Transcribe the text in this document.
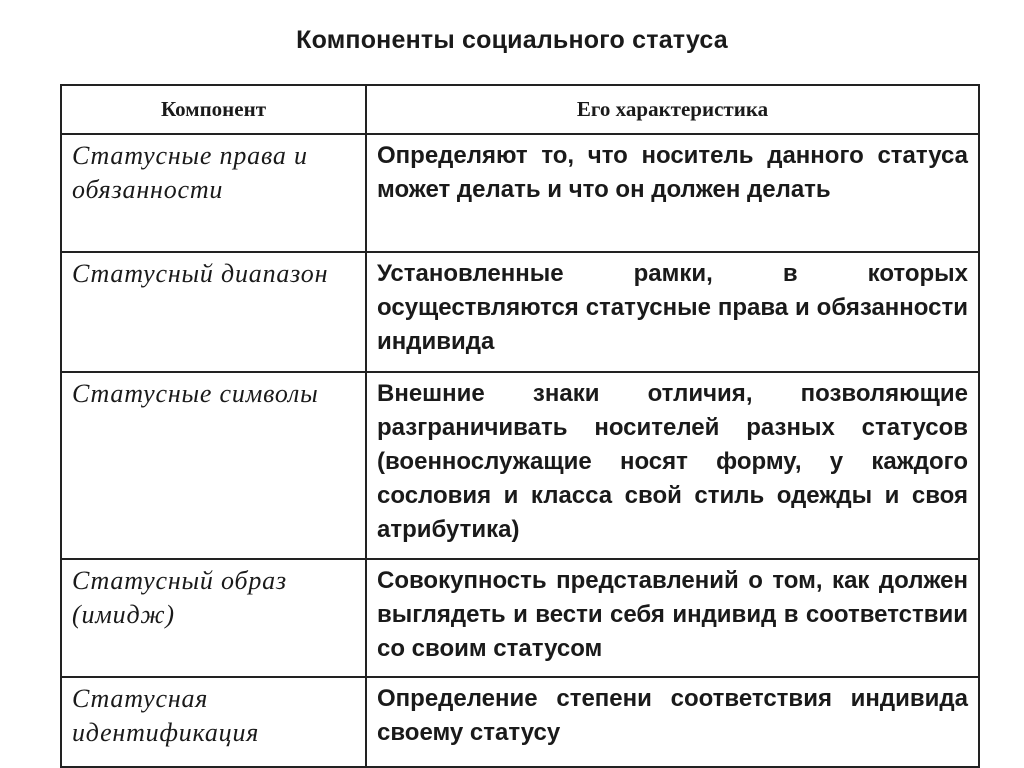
Компоненты социального статуса
Компонент	Его характеристика
Статусные права и обязанности	Определяют то, что носитель данного статуса может делать и что он должен делать
Статусный диапазон	Установленные рамки, в которых осуществляются статусные права и обязанности индивида
Статусные символы	Внешние знаки отличия, позволяющие разграничивать носителей разных статусов (военнослужащие носят форму, у каждого сословия и класса свой стиль одежды и своя атрибутика)
Статусный образ (имидж)	Совокупность представлений о том, как должен выглядеть и вести себя индивид в соответствии со своим статусом
Статусная идентификация	Определение степени соответствия индивида своему статусу
